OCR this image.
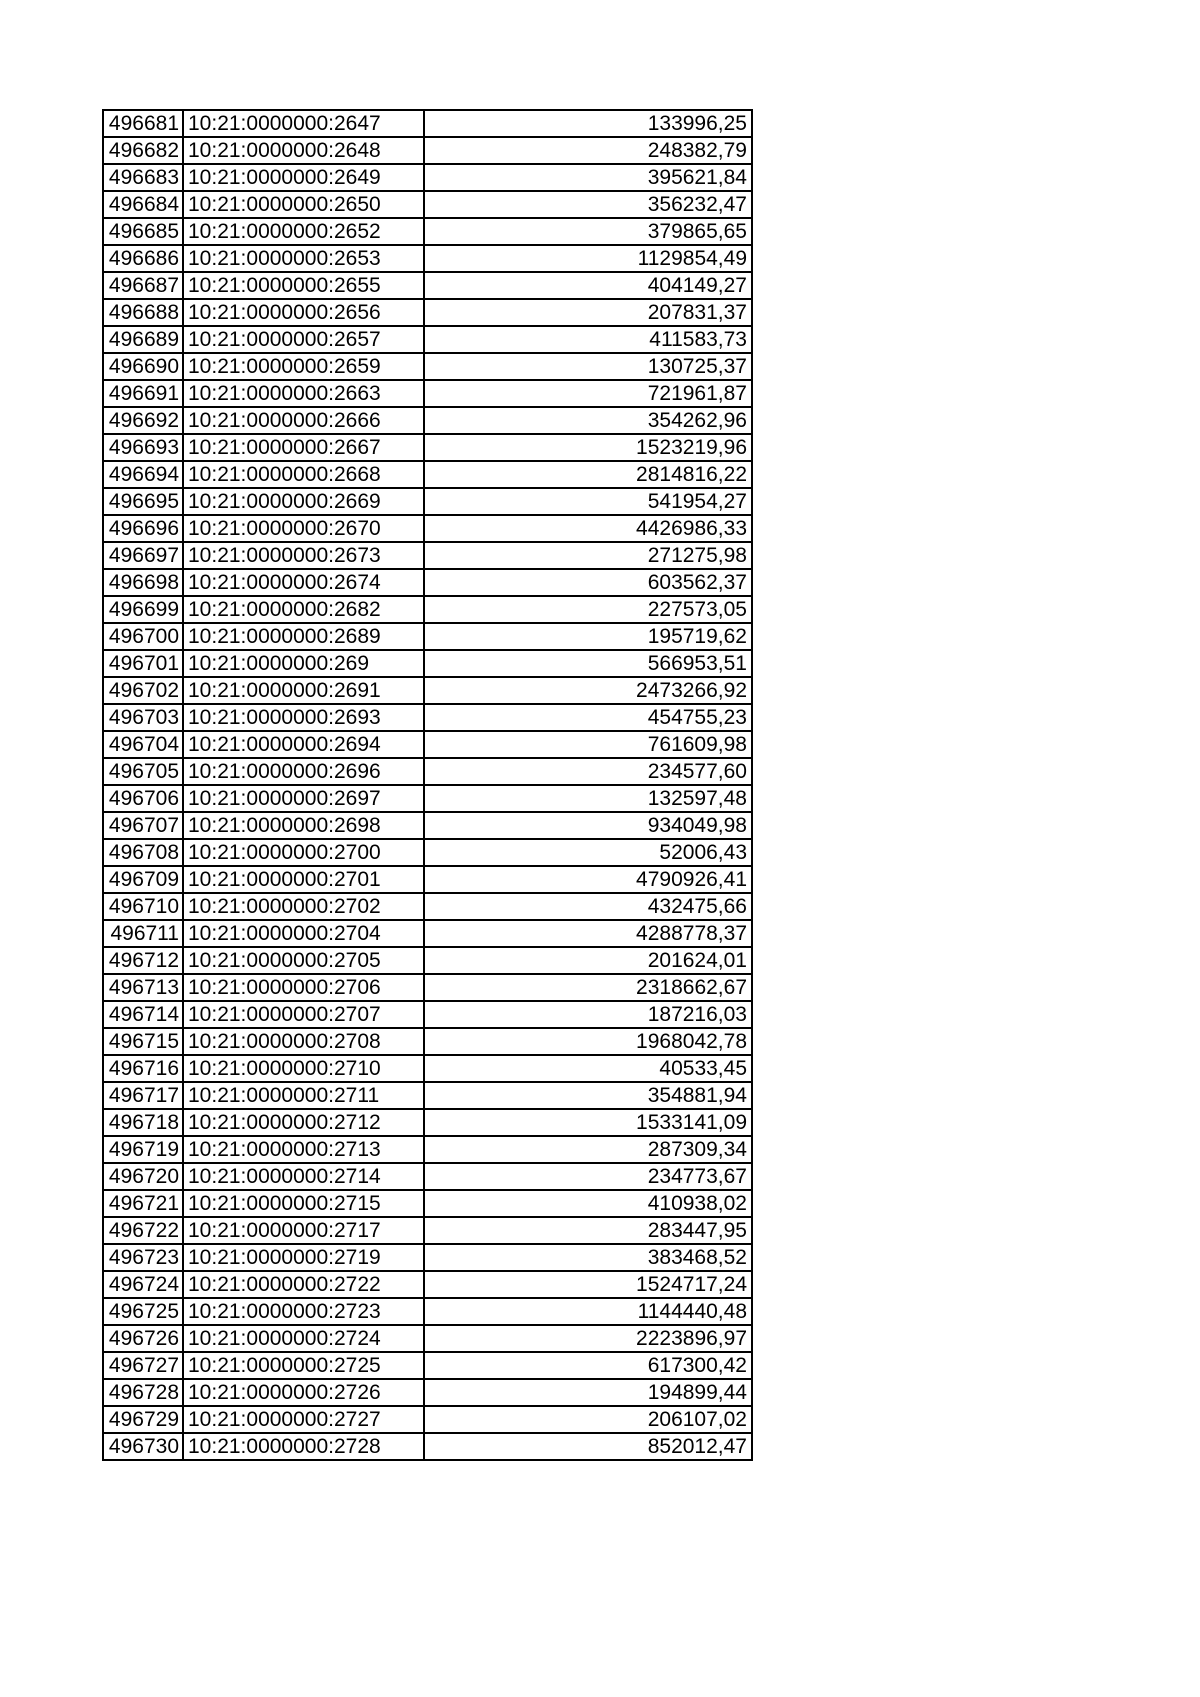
496681	10:21:0000000:2647	133996,25
496682	10:21:0000000:2648	248382,79
496683	10:21:0000000:2649	395621,84
496684	10:21:0000000:2650	356232,47
496685	10:21:0000000:2652	379865,65
496686	10:21:0000000:2653	1129854,49
496687	10:21:0000000:2655	404149,27
496688	10:21:0000000:2656	207831,37
496689	10:21:0000000:2657	411583,73
496690	10:21:0000000:2659	130725,37
496691	10:21:0000000:2663	721961,87
496692	10:21:0000000:2666	354262,96
496693	10:21:0000000:2667	1523219,96
496694	10:21:0000000:2668	2814816,22
496695	10:21:0000000:2669	541954,27
496696	10:21:0000000:2670	4426986,33
496697	10:21:0000000:2673	271275,98
496698	10:21:0000000:2674	603562,37
496699	10:21:0000000:2682	227573,05
496700	10:21:0000000:2689	195719,62
496701	10:21:0000000:269	566953,51
496702	10:21:0000000:2691	2473266,92
496703	10:21:0000000:2693	454755,23
496704	10:21:0000000:2694	761609,98
496705	10:21:0000000:2696	234577,60
496706	10:21:0000000:2697	132597,48
496707	10:21:0000000:2698	934049,98
496708	10:21:0000000:2700	52006,43
496709	10:21:0000000:2701	4790926,41
496710	10:21:0000000:2702	432475,66
496711	10:21:0000000:2704	4288778,37
496712	10:21:0000000:2705	201624,01
496713	10:21:0000000:2706	2318662,67
496714	10:21:0000000:2707	187216,03
496715	10:21:0000000:2708	1968042,78
496716	10:21:0000000:2710	40533,45
496717	10:21:0000000:2711	354881,94
496718	10:21:0000000:2712	1533141,09
496719	10:21:0000000:2713	287309,34
496720	10:21:0000000:2714	234773,67
496721	10:21:0000000:2715	410938,02
496722	10:21:0000000:2717	283447,95
496723	10:21:0000000:2719	383468,52
496724	10:21:0000000:2722	1524717,24
496725	10:21:0000000:2723	1144440,48
496726	10:21:0000000:2724	2223896,97
496727	10:21:0000000:2725	617300,42
496728	10:21:0000000:2726	194899,44
496729	10:21:0000000:2727	206107,02
496730	10:21:0000000:2728	852012,47
